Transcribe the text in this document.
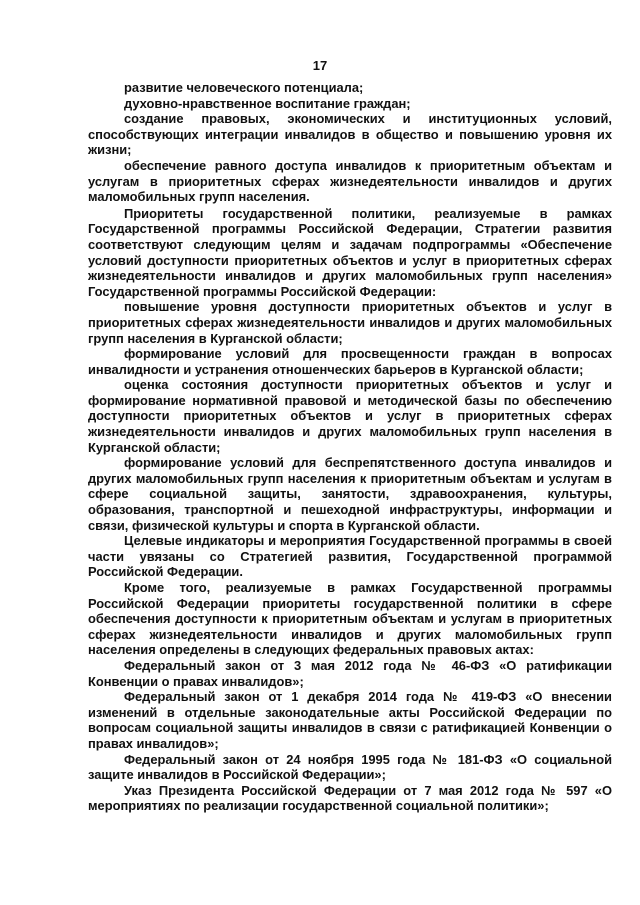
17

развитие человеческого потенциала;

духовно-нравственное воспитание граждан;

создание правовых, экономических и институционных условий, способствующих интеграции инвалидов в общество и повышению уровня их жизни;

обеспечение равного доступа инвалидов к приоритетным объектам и услугам в приоритетных сферах жизнедеятельности инвалидов и других маломобильных групп населения.

Приоритеты государственной политики, реализуемые в рамках Государственной программы Российской Федерации, Стратегии развития соответствуют следующим целям и задачам подпрограммы «Обеспечение условий доступности приоритетных объектов и услуг в приоритетных сферах жизнедеятельности инвалидов и других маломобильных групп населения» Государственной программы Российской Федерации:

повышение уровня доступности приоритетных объектов и услуг в приоритетных сферах жизнедеятельности инвалидов и других маломобильных групп населения в Курганской области;

формирование условий для просвещенности граждан в вопросах инвалидности и устранения отношенческих барьеров в Курганской области;

оценка состояния доступности приоритетных объектов и услуг и формирование нормативной правовой и методической базы по обеспечению доступности приоритетных объектов и услуг в приоритетных сферах жизнедеятельности инвалидов и других маломобильных групп населения в Курганской области;

формирование условий для беспрепятственного доступа инвалидов и других маломобильных групп населения к приоритетным объектам и услугам в сфере социальной защиты, занятости, здравоохранения, культуры, образования, транспортной и пешеходной инфраструктуры, информации и связи, физической культуры и спорта в Курганской области.

Целевые индикаторы и мероприятия Государственной программы в своей части увязаны со Стратегией развития, Государственной программой Российской Федерации.

Кроме того, реализуемые в рамках Государственной программы Российской Федерации приоритеты государственной политики в сфере обеспечения доступности к приоритетным объектам и услугам в приоритетных сферах жизнедеятельности инвалидов и других маломобильных групп населения определены в следующих федеральных правовых актах:

Федеральный закон от 3 мая 2012 года № 46-ФЗ «О ратификации Конвенции о правах инвалидов»;

Федеральный закон от 1 декабря 2014 года № 419-ФЗ «О внесении изменений в отдельные законодательные акты Российской Федерации по вопросам социальной защиты инвалидов в связи с ратификацией Конвенции о правах инвалидов»;

Федеральный закон от 24 ноября 1995 года № 181-ФЗ «О социальной защите инвалидов в Российской Федерации»;

Указ Президента Российской Федерации от 7 мая 2012 года № 597 «О мероприятиях по реализации государственной социальной политики»;
